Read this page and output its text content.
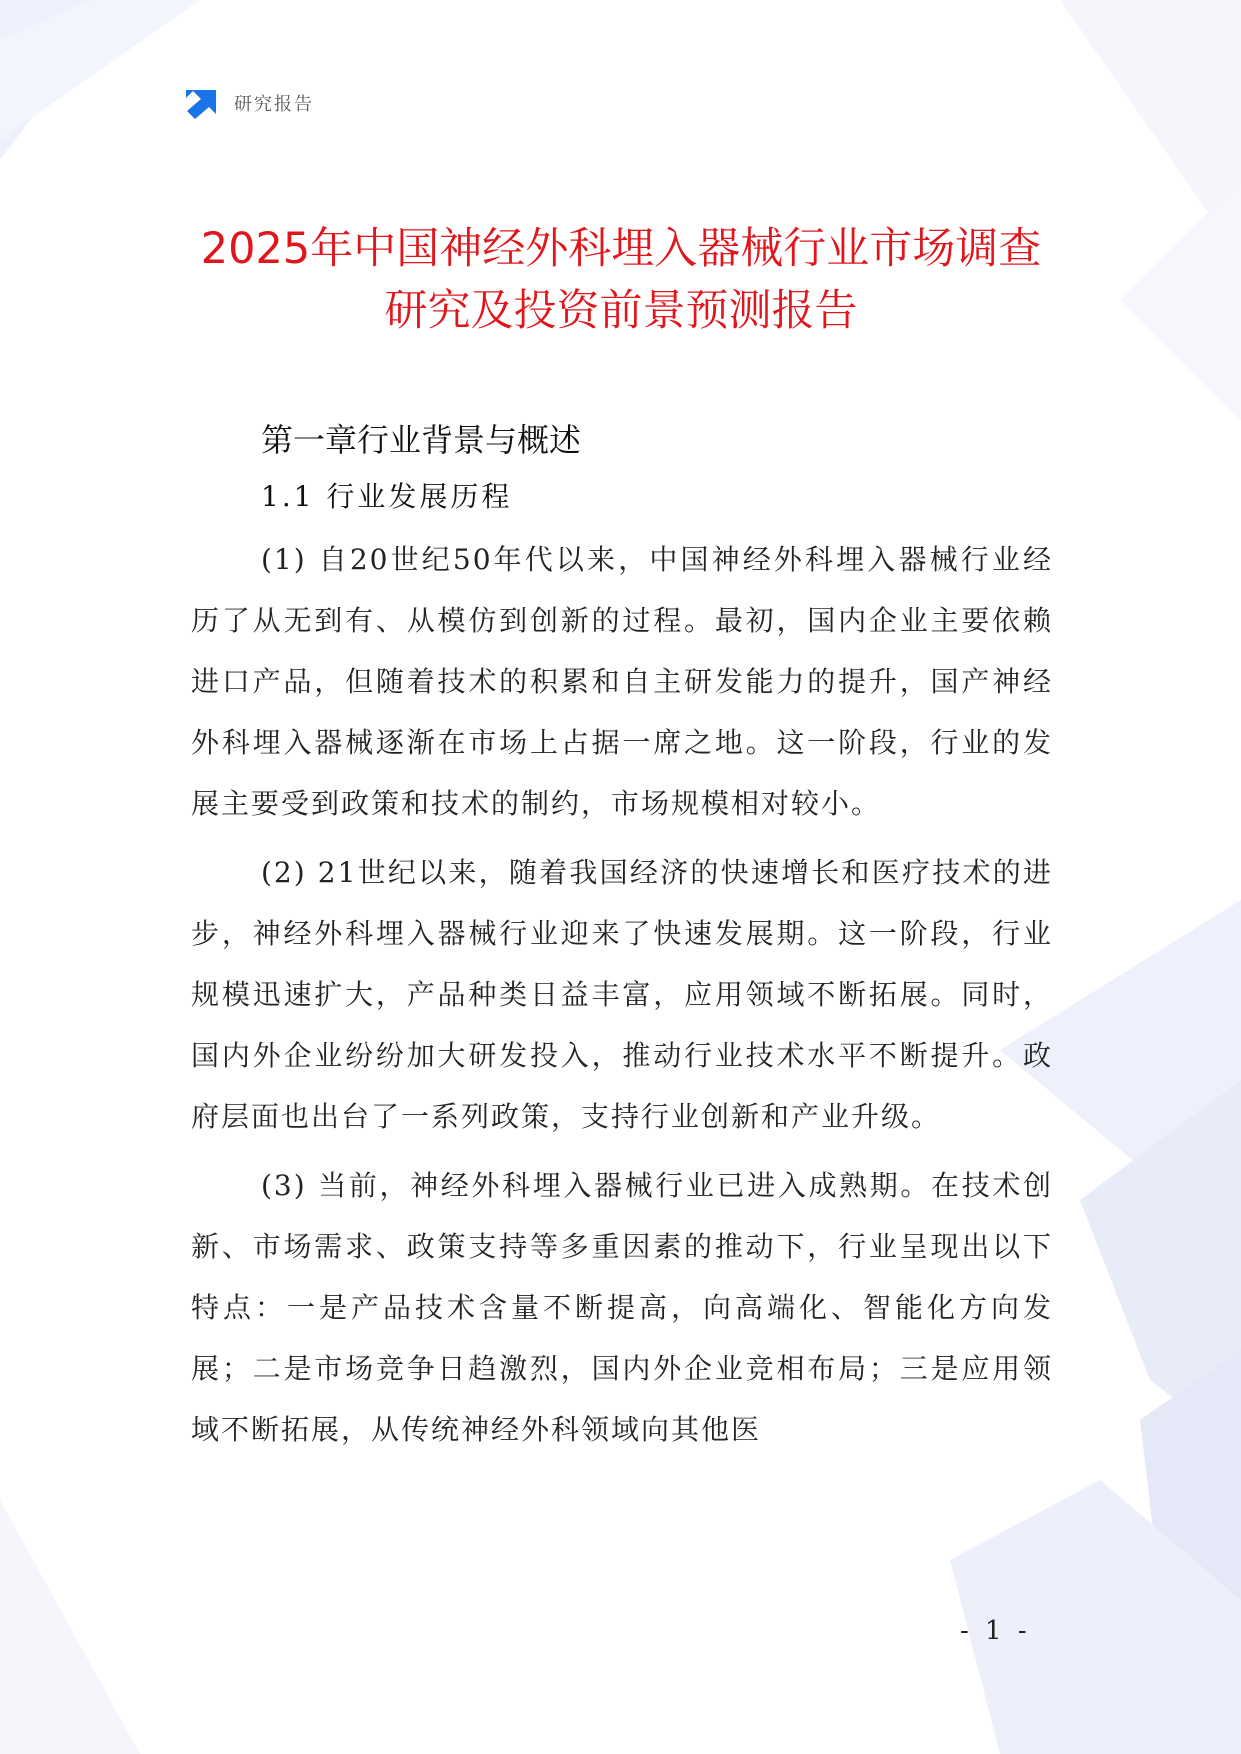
研究报告
2025年中国神经外科埋入器械行业市场调查研究及投资前景预测报告
第一章行业背景与概述
1.1 行业发展历程

(1) 自20世纪50年代以来，中国神经外科埋入器械行业经历了从无到有、从模仿到创新的过程。最初，国内企业主要依赖进口产品，但随着技术的积累和自主研发能力的提升，国产神经外科埋入器械逐渐在市场上占据一席之地。这一阶段，行业的发展主要受到政策和技术的制约，市场规模相对较小。

(2) 21世纪以来，随着我国经济的快速增长和医疗技术的进步，神经外科埋入器械行业迎来了快速发展期。这一阶段，行业规模迅速扩大，产品种类日益丰富，应用领域不断拓展。同时，国内外企业纷纷加大研发投入，推动行业技术水平不断提升。政府层面也出台了一系列政策，支持行业创新和产业升级。

(3) 当前，神经外科埋入器械行业已进入成熟期。在技术创新、市场需求、政策支持等多重因素的推动下，行业呈现出以下特点：一是产品技术含量不断提高，向高端化、智能化方向发展；二是市场竞争日趋激烈，国内外企业竞相布局；三是应用领域不断拓展，从传统神经外科领域向其他医

- 1 -
